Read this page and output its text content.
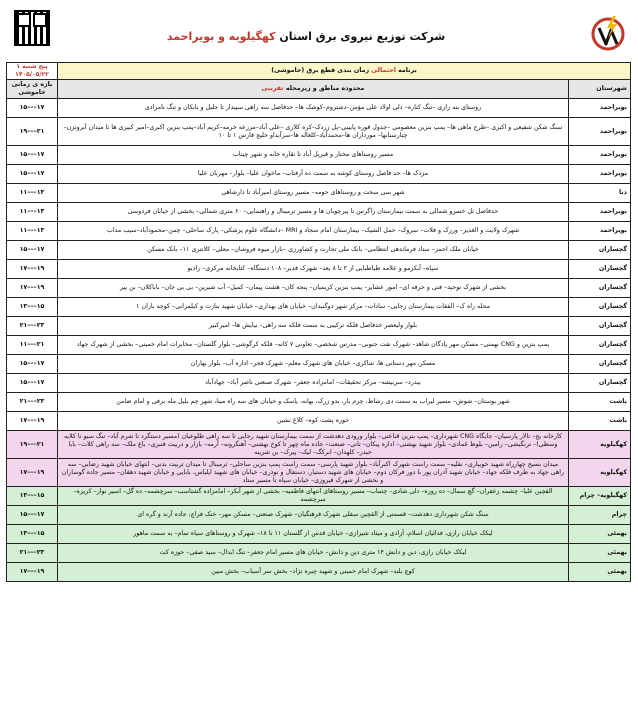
شرکت توزیع نیروی برق استان کهگیلویه و بویراحمد
برنامه احتمالی زمان بندی قطع برق (خاموشی)		پنج شنبه ۱
۱۴۰۵/۰۵/۲۲

شهرستان	محدوده مناطق و زیرمحله تقریبی	بازه ی زمانی خاموشی
بویراحمد	روستای بنه زاری –تنگ کناره– دلی اولاد علی مؤمن–دشتروم–کوشک ها– حدفاصل سه راهی سپیدار تا جلیل و بابکان و تنگ نامرادی	۱۵–––۱۷
بویراحمد	سنگ شکن شفیعی و اکبری –طرح ماهی ها– پمپ بنزین معصومی –جدول قوره پایینی–پل زردک–کره کلاری –علی آباد–مزرعه خرمه–کریم آباد–پمپ بنزین اکبری–امیر کبیری ها تا میدان آبرونزن–چنارستانها– مورداران ها–محمدآباد–کلغاله ها–سرآبداو خلیج فارس ۱ تا ۱۰	۱۹–––۲۱
بویراحمد	مسیر روستاهای مختار و قبرپل آباد تا نقاره خانه و شهر چیتاب	۱۵–––۱۷
بویراحمد	مزدک ها– حد فاصل روستای کوشه به سمت ده آرفتاب– ماخوان علیا– بلوار– مهربان علیا	۱۵–––۱۷
دنا	شهر سی سخت و روستاهای حومه– مسیر روستای امیرآباد تا دارشاهی	۱۱–––۱۳
بویراحمد	حدفاصل تل خسرو شمالی به سمت بیمارستان زاگرس تا پیرچوبان ها و مسیر ترمینال و راهنمایی– ۶۰ متری شمالی– بخشی از خیابان فردوسی	۱۱–––۱۳
بویراحمد	شهرک ولایت و الغدیر– ورزک و فلات– سروک– حمل الشیک– بیمارستان امام سجاد و MRI –دانشگاه علوم پزشکی– پارک ساحلی– چمن–محمودآباد–سیب مداب	۱۱–––۱۳
گچساران	خیابان ملک احمر– ستاد فرماندهی انتظامی– بانک ملی تجارت و کشاورزی –بازار میوه فروشان– معلی– کلانتری ۱۱– بانک مسکن	۱۵–––۱۷
گچساران	سپاه– آبکرمو و علامه طباطبایی از ۲ تا ۸ بعد– شهرک قدیر– ۱۰۸ دستگاه– کتابخانه مرکزی– رادیو	۱۷–––۱۹
گچساران	بخشی از شهرک توحید– فنی و حرفه ای– امور عشایر– پمپ بنزین کریمیان– پنجه کان– هشت پیمان– کمیل– آب شیرین– بی بی جان– باباکلان– بن پیر	۱۷–––۱۹
گچساران	محله راه ک– الفقات بیمارستان رجایی– سادات– مرکز شهر دوگنبدان– خیابان های بهداری– خیابان شهید بنارت و کیلمرانی– کوچه باران ۱	۱۳–––۱۵
گچساران	بلوار ولیعصر حدفاصل فلکه ترکیبی به سمت فلکه سه راهی– نیایش ها– امیرکبیر	۲۱–––۲۳
گچساران	پمپ بنزین و CNG بهمنی– مسکن مهر پادگان شاهد– شهرک نفت جنوبی– مدرس شخصی– تعاونی ۷ کانه– فلکه کرگوشی– بلوار گلستان– مخابرات امام خمینی– بخشی از شهرک جهاد	۱۱–––۲۱
گچساران	مسکن مهر دستانی ها، شاکری– خیابان های شهرک معلم– شهرک فجر– اداره آب– بلوار بهاران	۱۵–––۱۷
گچساران	بیدرد– سربیشه– مرکز تحقیقات– امامزاده جعفر– شهرک صنعتی ناصر آباد– جهادآباد	۱۵–––۱۷
باشت	شهر بوستان– شوش– مسیر لیراب به سمت دی رشاط، چرم بار، بدو زرک، بهابه، یاسک و خیابان های سه راه مینا، شهر چم بلیل مله برفی و امام ضامن	۲۱–––۲۳
باشت	حوزه پشت کوه– کلاغ نشین	۱۷–––۱۹
کهگیلویه	کارخانه یخ– تالار پارسیان– جایگاه CNG شهرداری– پمپ بنزین قناعتی– بلوار ورودی دهدشت از سمت بیمارستان شهید رجایی تا سه راهی طلوعیان (مسیر دستگرد تا شرم آباد– تنگ سیو تا کلایه وسطی)– ترنگیشی– رامین– بلوط غمادی– بلوار شهید بهشتی– اداره پیکان– تاتی– صنعت– جاده ماه چهر تا کوخ بهشتی– آهنگرونه– آرمه– بازار و دربیت قنبری– باغ ملک– سه راهی کلات– بابا حیدر– کلهدان– ابرکگ– لیک– پیرک– بن شرینه	۱۹–––۲۱
کهگیلویه	میدان بسیج چهارراه شهید خوبیاری– نقلیه– سمت راست شهرک اکبرآباد– بلوار شهید پارسی– سمت راست پمپ بنزین ساحلی– ترمینال تا میدان تربیت بدنی– انتهای خیابان شهید رضایی– سه راهی جهاد به طرف فلکه جهاد– خیابان شهید آدران پور با دور فرکان دوم– خیابان های شهید دستیار، دستفال و نوذری– خیابان های شهید ایلیاس، بابایی و خیابان شهید دهقان– مسیر جاده گوساران و بخشی از شهرک فیروزی– خیابان سپاه تا مسیر ستاد	۱۷–––۱۹
کهگیلویه– چرام	القچین علیا– چشمه زعفران– گچ سمال– ده روزه– دلی شادی– چتماب– مسیر روستاهای انتهای فاطمیه– بخشی از شهر آبکر– امامزاده گشتاسب– سرچشمه– ده گل– اسیر نوار– کریزه– سرچشمه	۱۳–––۱۵
چرام	سنگ شکن شهرداری دهدشت– قسمتی از القچین سفلی شهرک فرهنگیان– شهرک صنعتی– مسکن مهر– خنک فراچ، جاده آرند و گره ای	۱۵–––۱۷
بهمئی	لیکک خیابان رازی، فدائیان اسلام، آزادی و میثاد شیرازی– خیابان قدس از گلستان ۱۱ تا ۱۸– شهرک و روستاهای سیاه تمام– به سمت ماهور	۱۳–––۱۵
بهمئی	لیکک خیابان رازی، دین و دانش ۱۴ متری دین و دانش– خیابان های مسیر امام جعفر– تنگ ابدال– سید صفی– حوزه کت	۲۱–––۲۳
بهمئی	کوچ بلند– شهرک امام خمینی و شهید چیره نژاد– بخش سر آسیاب– بخش مبین	۱۷–––۱۹
